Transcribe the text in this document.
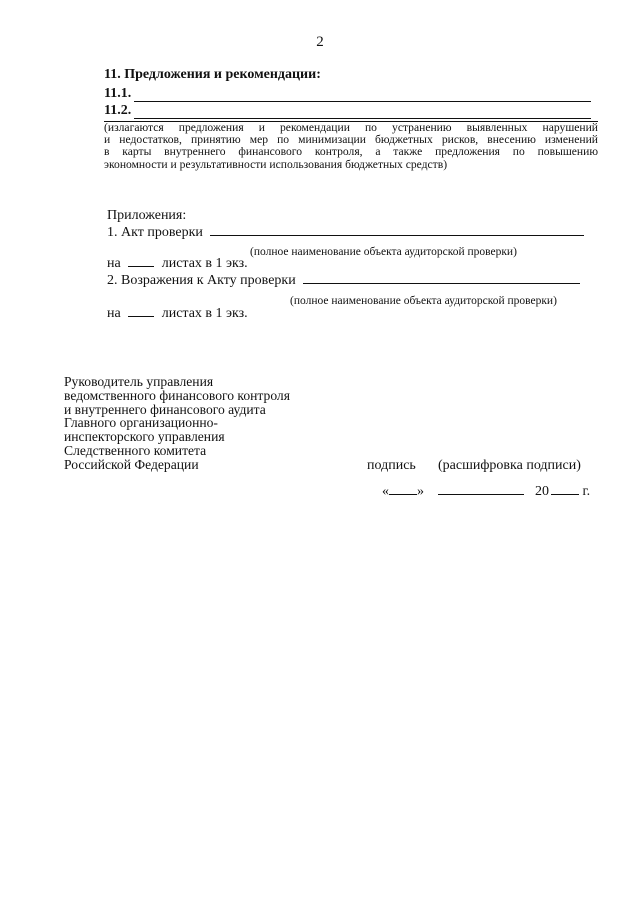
2
11. Предложения и рекомендации:
11.1.
11.2.
(излагаются предложения и рекомендации по устранению выявленных нарушений
и недостатков, принятию мер по минимизации бюджетных рисков, внесению изменений
в карты внутреннего финансового контроля, а также предложения по повышению
экономности и результативности использования бюджетных средств)
Приложения:
1. Акт проверки
(полное наименование объекта аудиторской проверки)
на	листах в 1 экз.
2. Возражения к Акту проверки
(полное наименование объекта аудиторской проверки)
на	листах в 1 экз.
Руководитель управления
ведомственного финансового контроля
и внутреннего финансового аудита
Главного организационно-
инспекторского управления
Следственного комитета
Российской Федерации	подпись (расшифровка подписи)
« »	20 г.
